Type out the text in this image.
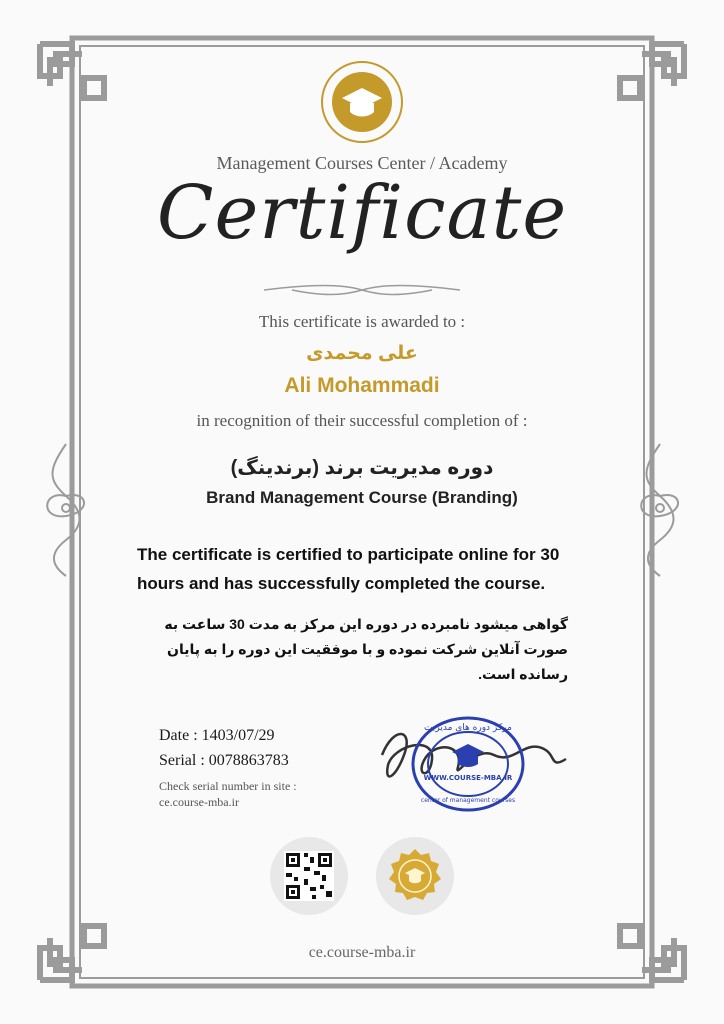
Management Courses Center / Academy
Certificate
This certificate is awarded to :
علی محمدی
Ali Mohammadi
in recognition of their successful completion of :
دوره مدیریت برند (برندینگ)
Brand Management Course (Branding)
The certificate is certified to participate online for 30 hours and has successfully completed the course.
گواهی میشود نامبرده در دوره این مرکز به مدت 30 ساعت به صورت آنلاین شرکت نموده و با موفقیت این دوره را به پایان رسانده است.
Date : 1403/07/29
Serial : 0078863783
Check serial number in site : ce.course-mba.ir
مرکز دوره های مدیریت
WWW.COURSE-MBA.IR
center of management courses
ce.course-mba.ir
